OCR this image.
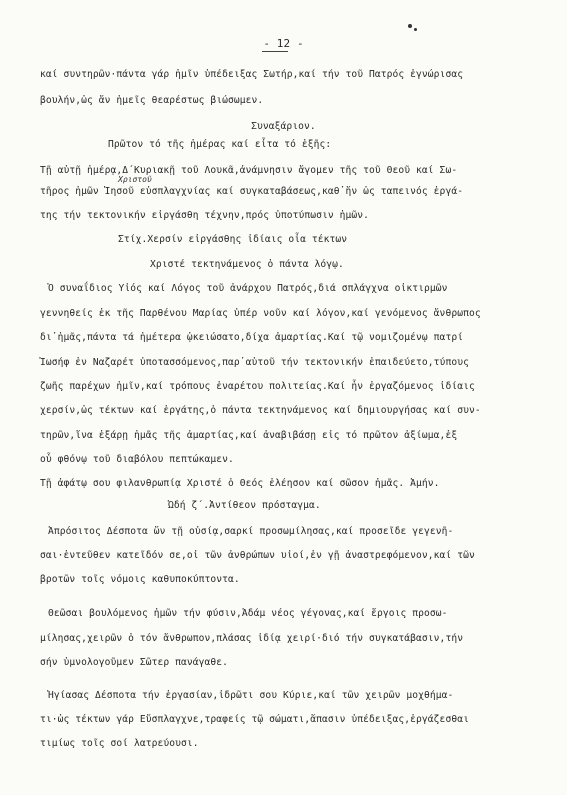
- 12 -
καί συντηρῶν·πάντα γάρ ἡμῖν ὑπέδειξας Σωτήρ,καί τήν τοῦ Πατρός ἐγνώρισας
βουλήν,ὡς ἄν ἡμεῖς θεαρέστως βιώσωμεν.
Συναξάριον.
Πρῶτον τό τῆς ἡμέρας καί εἶτα τό ἑξῆς:
Τῇ αὐτῇ ἡμέρᾳ,Δ΄Κυριακῇ τοῦ Λουκᾶ,ἀνάμνησιν ἄγομεν τῆς τοῦ Θεοῦ καί Σω-
Χριστοῦ
τῆρος ἡμῶν Ἰησοῦ εὐσπλαγχνίας καί συγκαταβάσεως,καθ᾿ἥν ὡς ταπεινός ἐργά-
της τήν τεκτονικήν εἰργάσθη τέχνην,πρός ὑποτύπωσιν ἡμῶν.
Στίχ.Χερσίν εἰργάσθης ἰδίαις οἷα τέκτων
Χριστέ τεκτηνάμενος ὁ πάντα λόγῳ.
Ὁ συναΐδιος Υἱός καί Λόγος τοῦ ἀνάρχου Πατρός,διά σπλάγχνα οἰκτιρμῶν
γεννηθείς ἐκ τῆς Παρθένου Μαρίας ὑπέρ νοῦν καί λόγον,καί γενόμενος ἄνθρωπος
δι᾿ἡμᾶς,πάντα τά ἡμέτερα ᾠκειώσατο,δίχα ἁμαρτίας.Καί τῷ νομιζομένῳ πατρί
Ἰωσήφ ἐν Ναζαρέτ ὑποτασσόμενος,παρ᾿αὐτοῦ τήν τεκτονικήν ἐπαιδεύετο,τύπους
ζωῆς παρέχων ἡμῖν,καί τρόπους ἐναρέτου πολιτείας.Καί ἦν ἐργαζόμενος ἰδίαις
χερσίν,ὡς τέκτων καί ἐργάτης,ὁ πάντα τεκτηνάμενος καί δημιουργήσας καί συν-
τηρῶν,ἵνα ἐξάρῃ ἡμᾶς τῆς ἁμαρτίας,καί ἀναβιβάσῃ εἰς τό πρῶτον ἀξίωμα,ἐξ
οὗ φθόνῳ τοῦ διαβόλου πεπτώκαμεν.
Τῇ ἀφάτῳ σου φιλανθρωπίᾳ Χριστέ ὁ Θεός ἐλέησον καί σῶσον ἡμᾶς. Ἀμήν.
Ὠδή ζ΄.Ἀντίθεον πρόσταγμα.
Ἀπρόσιτος Δέσποτα ὤν τῇ οὐσίᾳ,σαρκί προσωμίλησας,καί προσεῖδε γεγενῆ-
σαι·ἐντεῦθεν κατεῖδόν σε,οἱ τῶν ἀνθρώπων υἱοί,ἐν γῇ ἀναστρεφόμενον,καί τῶν
βροτῶν τοῖς νόμοις καθυποκύπτοντα.
Θεῶσαι βουλόμενος ἡμῶν τήν φύσιν,Ἀδάμ νέος γέγονας,καί ἔργοις προσω-
μίλησας,χειρῶν ὁ τόν ἄνθρωπον,πλάσας ἰδίᾳ χειρί·διό τήν συγκατάβασιν,τήν
σήν ὑμνολογοῦμεν Σῶτερ πανάγαθε.
Ἡγίασας Δέσποτα τήν ἐργασίαν,ἱδρῶτι σου Κύριε,καί τῶν χειρῶν μοχθήμα-
τι·ὡς τέκτων γάρ Εὔσπλαγχνε,τραφείς τῷ σώματι,ἅπασιν ὑπέδειξας,ἐργάζεσθαι
τιμίως τοῖς σοί λατρεύουσι.
